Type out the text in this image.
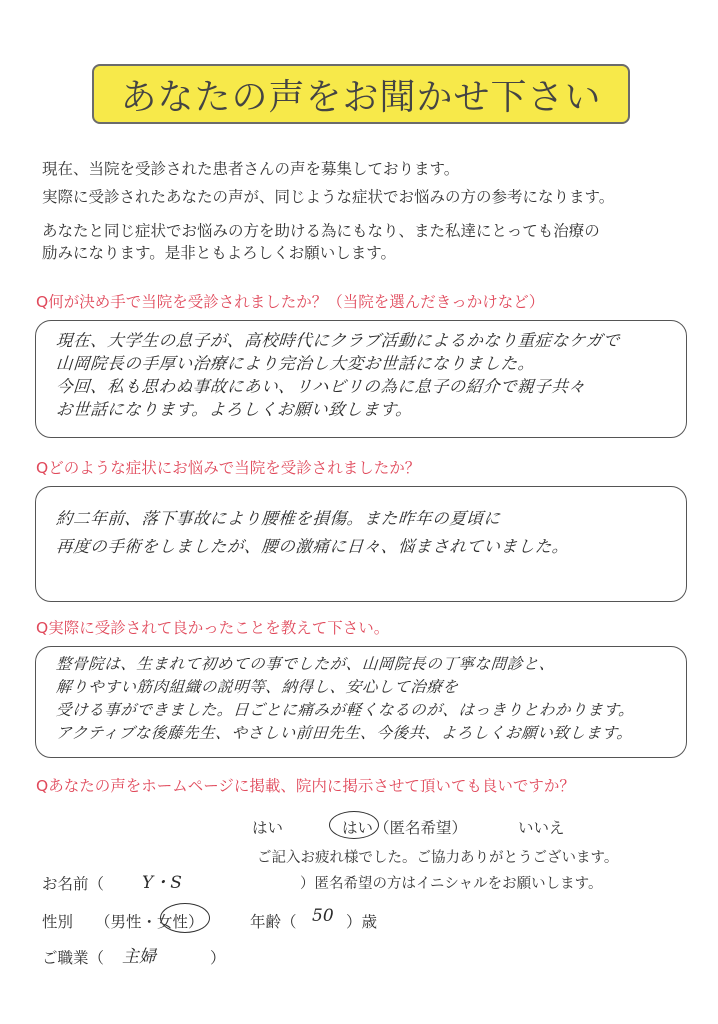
あなたの声をお聞かせ下さい
現在、当院を受診された患者さんの声を募集しております。
実際に受診されたあなたの声が、同じような症状でお悩みの方の参考になります。
あなたと同じ症状でお悩みの方を助ける為にもなり、また私達にとっても治療の
励みになります。是非ともよろしくお願いします。
Q何が決め手で当院を受診されましたか？（当院を選んだきっかけなど）
現在、大学生の息子が、高校時代にクラブ活動によるかなり重症なケガで
山岡院長の手厚い治療により完治し大変お世話になりました。
今回、私も思わぬ事故にあい、リハビリの為に息子の紹介で親子共々
お世話になります。よろしくお願い致します。
Qどのような症状にお悩みで当院を受診されましたか？
約二年前、落下事故により腰椎を損傷。また昨年の夏頃に
再度の手術をしましたが、腰の激痛に日々、悩まされていました。
Q実際に受診されて良かったことを教えて下さい。
整骨院は、生まれて初めての事でしたが、山岡院長の丁寧な問診と、
解りやすい筋肉組織の説明等、納得し、安心して治療を
受ける事ができました。日ごとに痛みが軽くなるのが、はっきりとわかります。
アクティブな後藤先生、やさしい前田先生、今後共、よろしくお願い致します。
Qあなたの声をホームページに掲載、院内に掲示させて頂いても良いですか？
はい	はい （匿名希望）	いいえ
ご記入お疲れ様でした。ご協力ありがとうございます。
お名前（ Y・S	）匿名希望の方はイニシャルをお願いします。
性別 （男性・女性）	年齢（ 50 ）歳
ご職業（ 主婦	）
